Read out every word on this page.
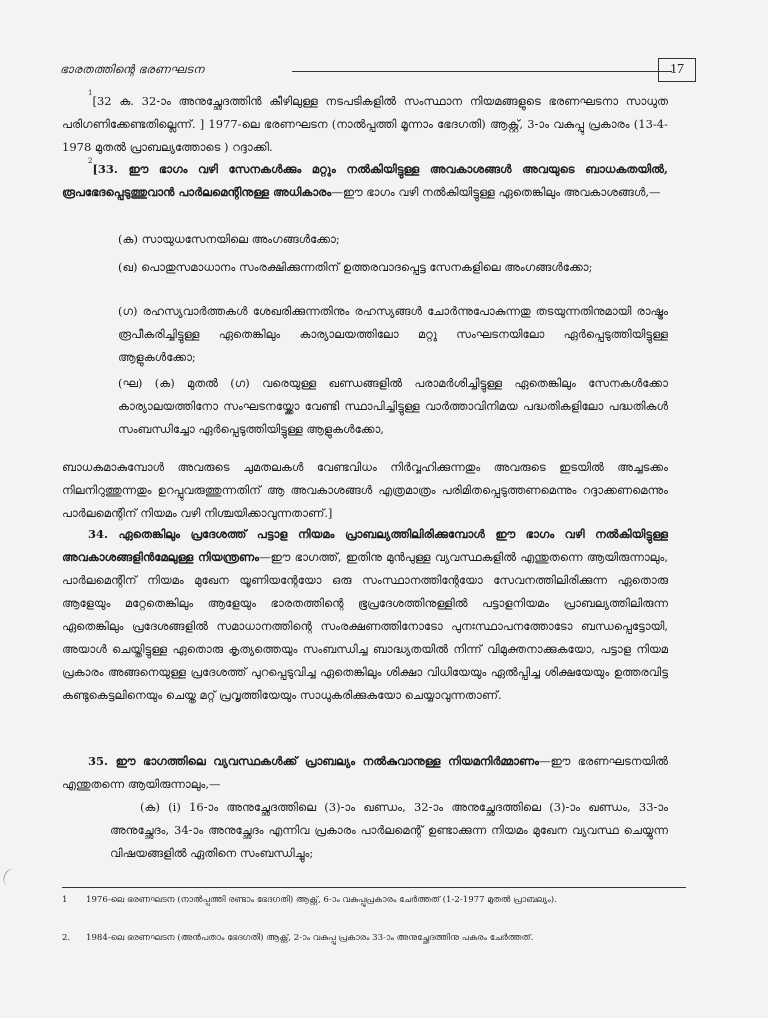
ഭാരതത്തിന്റെ ഭരണഘടന	17
$^1$[32 ക. 32-ാം അനുച്ഛേദത്തിൻ കീഴിലുള്ള നടപടികളിൽ സംസ്ഥാന നിയമങ്ങളുടെ ഭരണഘടനാ സാധുത പരിഗണിക്കേണ്ടതില്ലെന്ന്. ] 1977-ലെ ഭരണഘടന (നാൽപ്പത്തി മൂന്നാം ഭേദഗതി) ആക്റ്റ്, 3-ാം വകുപ്പു പ്രകാരം (13-4-1978 മുതൽ പ്രാബല്യത്തോടെ ) റദ്ദാക്കി.
$^2$[33. ഈ ഭാഗം വഴി സേനകൾക്കും മറ്റും നൽകിയിട്ടുള്ള അവകാശങ്ങൾ അവയുടെ ബാധകതയിൽ, രൂപഭേദപ്പെടുത്തുവാൻ പാർലമെന്റിനുള്ള അധികാരം—ഈ ഭാഗം വഴി നൽകിയിട്ടുള്ള ഏതെങ്കിലും അവകാശങ്ങൾ,—
(ക) സായുധസേനയിലെ അംഗങ്ങൾക്കോ;
(ഖ) പൊതുസമാധാനം സംരക്ഷിക്കുന്നതിന് ഉത്തരവാദപ്പെട്ട സേനകളിലെ അംഗങ്ങൾക്കോ;
(ഗ) രഹസ്യവാർത്തകൾ ശേഖരിക്കുന്നതിനും രഹസ്യങ്ങൾ ചോർന്നുപോകുന്നതു തടയുന്നതിനുമായി രാഷ്ട്രം രൂപീകരിച്ചിട്ടുള്ള ഏതെങ്കിലും കാര്യാലയത്തിലോ മറ്റു സംഘടനയിലോ ഏർപ്പെടുത്തിയിട്ടുള്ള ആളുകൾക്കോ;
(ഘ) (ക) മുതൽ (ഗ) വരെയുള്ള ഖണ്ഡങ്ങളിൽ പരാമർശിച്ചിട്ടുള്ള ഏതെങ്കിലും സേനകൾക്കോ കാര്യാലയത്തിനോ സംഘടനയ്ക്കോ വേണ്ടി സ്ഥാപിച്ചിട്ടുള്ള വാർത്താവിനിമയ പദ്ധതികളിലോ പദ്ധതികൾ സംബന്ധിച്ചോ ഏർപ്പെടുത്തിയിട്ടുള്ള ആളുകൾക്കോ,
ബാധകമാകുമ്പോൾ അവരുടെ ചുമതലകൾ വേണ്ടവിധം നിർവ്വഹിക്കുന്നതും അവരുടെ ഇടയിൽ അച്ചടക്കം നിലനിറുത്തുന്നതും ഉറപ്പുവരുത്തുന്നതിന് ആ അവകാശങ്ങൾ എത്രമാത്രം പരിമിതപ്പെടുത്തണമെന്നും റദ്ദാക്കണമെന്നും പാർലമെന്റിന് നിയമം വഴി നിശ്ചയിക്കാവുന്നതാണ്.]
34. ഏതെങ്കിലും പ്രദേശത്ത് പട്ടാള നിയമം പ്രാബല്യത്തിലിരിക്കുമ്പോൾ ഈ ഭാഗം വഴി നൽകിയിട്ടുള്ള അവകാശങ്ങളിൻമേലുള്ള നിയന്ത്രണം—ഈ ഭാഗത്ത്, ഇതിനു മുൻപുള്ള വ്യവസ്ഥകളിൽ എന്തുതന്നെ ആയിരുന്നാലും, പാർലമെന്റിന് നിയമം മുഖേന യൂണിയന്റേയോ ഒരു സംസ്ഥാനത്തിന്റേയോ സേവനത്തിലിരിക്കുന്ന ഏതൊരു ആളേയും മറ്റേതെങ്കിലും ആളേയും ഭാരതത്തിന്റെ ഭൂപ്രദേശത്തിനുള്ളിൽ പട്ടാളനിയമം പ്രാബല്യത്തിലിരുന്ന ഏതെങ്കിലും പ്രദേശങ്ങളിൽ സമാധാനത്തിന്റെ സംരക്ഷണത്തിനോടോ പുനഃസ്ഥാപനത്തോടോ ബന്ധപ്പെട്ടോയി, അയാൾ ചെയ്തിട്ടുള്ള ഏതൊരു കൃത്യത്തെയും സംബന്ധിച്ച ബാദ്ധ്യതയിൽ നിന്ന് വിമുക്തനാക്കുകയോ, പട്ടാള നിയമ പ്രകാരം അങ്ങനെയുള്ള പ്രദേശത്ത് പുറപ്പെടുവിച്ച ഏതെങ്കിലും ശിക്ഷാ വിധിയേയും ഏൽപ്പിച്ച ശിക്ഷയേയും ഉത്തരവിട്ട കണ്ടുകെട്ടലിനെയും ചെയ്ത മറ്റ് പ്രവൃത്തിയേയും സാധുകരിക്കുകയോ ചെയ്യാവുന്നതാണ്.
35. ഈ ഭാഗത്തിലെ വ്യവസ്ഥകൾക്ക് പ്രാബല്യം നൽകുവാനുള്ള നിയമനിർമ്മാണം—ഈ ഭരണഘടനയിൽ എന്തുതന്നെ ആയിരുന്നാലും,—
(ക) (i) 16-ാം അനുച്ഛേദത്തിലെ (3)-ാം ഖണ്ഡം, 32-ാം അനുച്ഛേദത്തിലെ (3)-ാം ഖണ്ഡം, 33-ാം അനുച്ഛേദം, 34-ാം അനുച്ഛേദം എന്നിവ പ്രകാരം പാർലമെന്റ് ഉണ്ടാക്കുന്ന നിയമം മുഖേന വ്യവസ്ഥ ചെയ്യുന്ന വിഷയങ്ങളിൽ ഏതിനെ സംബന്ധിച്ചും;
1 1976-ലെ ഭരണഘടന (നാൽപ്പത്തി രണ്ടാം ഭേദഗതി) ആക്റ്റ്, 6-ാം വകുപ്പുപ്രകാരം ചേർത്തത് (1-2-1977 മുതൽ പ്രാബല്യം).
2. 1984-ലെ ഭരണഘടന (അൻപതാം ഭേദഗതി) ആക്റ്റ്, 2-ാം വകുപ്പു പ്രകാരം 33-ാം അനുച്ഛേദത്തിനു പകരം ചേർത്തത്.
